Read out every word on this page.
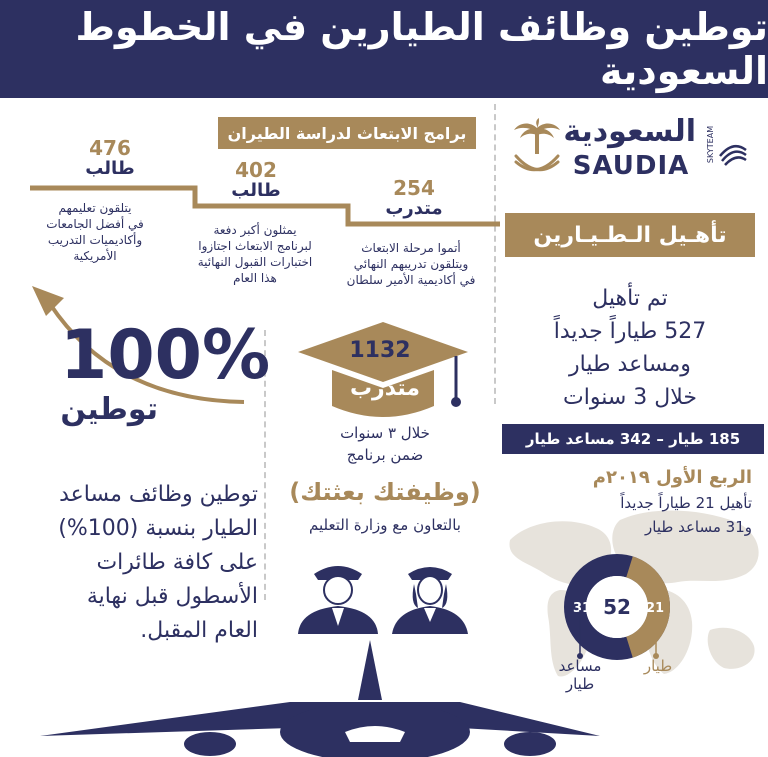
توطين وظائف الطيارين في الخطوط السعودية
السعودية
SAUDIA
SKYTEAM
برامج الابتعاث لدراسة الطيران
476
طالب
يتلقون تعليمهم
في أفضل الجامعات
وأكاديميات التدريب
الأمريكية
402
طالب
يمثلون أكبر دفعة
لبرنامج الابتعاث اجتازوا
اختبارات القبول النهائية
هذا العام
254
متدرب
أتموا مرحلة الابتعاث
ويتلقون تدريبهم النهائي
في أكاديمية الأمير سلطان
تأهـيل الـطـيـارين
تم تأهيل
527 طياراً جديداً
ومساعد طيار
خلال 3 سنوات
185 طيار – 342 مساعد طيار
الربع الأول ٢٠١٩م
تأهيل 21 طياراً جديداً
و31 مساعد طيار
52
31	21
مساعد
طيار
طيار
100%
توطين
1132
متدرب
خلال ٣ سنوات
ضمن برنامج
(وظيفتك بعثتك)
بالتعاون مع وزارة التعليم
توطين وظائف مساعد
الطيار بنسبة (100%)
على كافة طائرات
الأسطول قبل نهاية
العام المقبل.
